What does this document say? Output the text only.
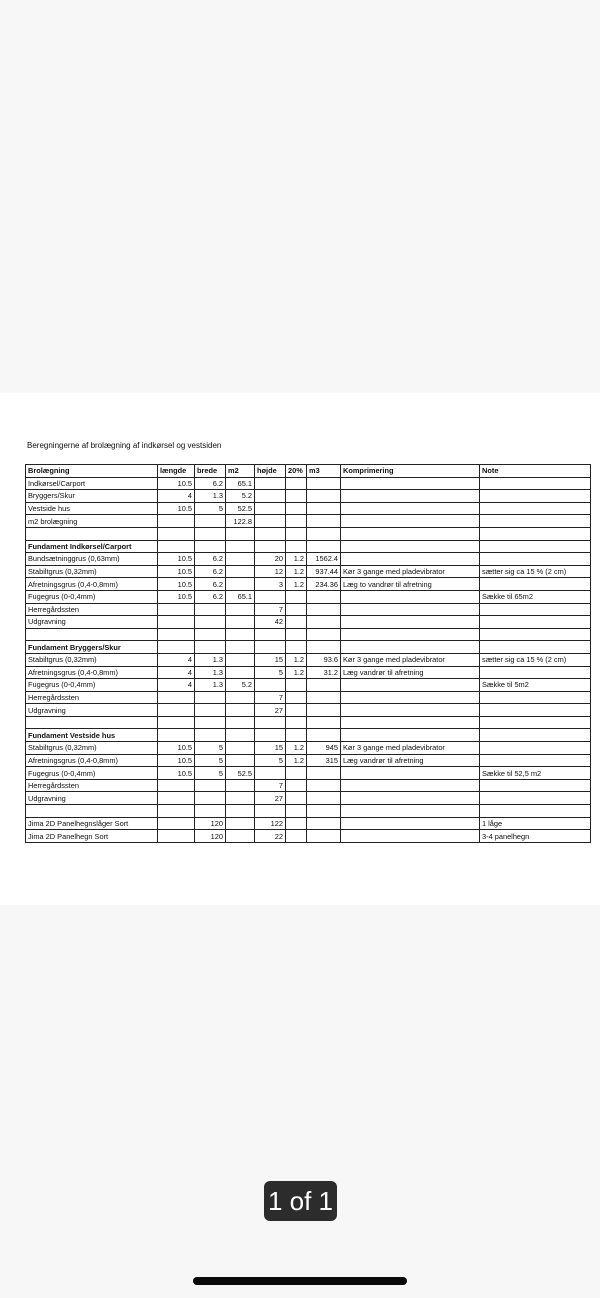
Beregningerne af brolægning af indkørsel og vestsiden
Brolægning	længde	brede	m2	højde	20%	m3	Komprimering	Note
Indkørsel/Carport	10.5	6.2	65.1					
Bryggers/Skur	4	1.3	5.2					
Vestside hus	10.5	5	52.5					
m2 brolægning			122.8					

Fundament Indkørsel/Carport								
Bundsætninggrus (0,63mm)	10.5	6.2		20	1.2	1562.4		
Stabiltgrus (0,32mm)	10.5	6.2		12	1.2	937.44	Kør 3 gange med pladevibrator	sætter sig ca 15 % (2 cm)
Afretningsgrus (0,4-0,8mm)	10.5	6.2		3	1.2	234.36	Læg to vandrør til afretning	
Fugegrus (0-0,4mm)	10.5	6.2	65.1					Sække til 65m2
Herregårdssten				7				
Udgravning				42				

Fundament Bryggers/Skur								
Stabiltgrus (0,32mm)	4	1.3		15	1.2	93.6	Kør 3 gange med pladevibrator	sætter sig ca 15 % (2 cm)
Afretningsgrus (0,4-0,8mm)	4	1.3		5	1.2	31.2	Læg vandrør til afretning	
Fugegrus (0-0,4mm)	4	1.3	5.2					Sække til 5m2
Herregårdssten				7				
Udgravning				27				

Fundament Vestside hus								
Stabiltgrus (0,32mm)	10.5	5		15	1.2	945	Kør 3 gange med pladevibrator	
Afretningsgrus (0,4-0,8mm)	10.5	5		5	1.2	315	Læg vandrør til afretning	
Fugegrus (0-0,4mm)	10.5	5	52.5					Sække til 52,5 m2
Herregårdssten				7				
Udgravning				27				

Jima 2D Panelhegnslåger Sort		120		122				1 låge
Jima 2D Panelhegn Sort		120		22				3-4 panelhegn
1 of 1
